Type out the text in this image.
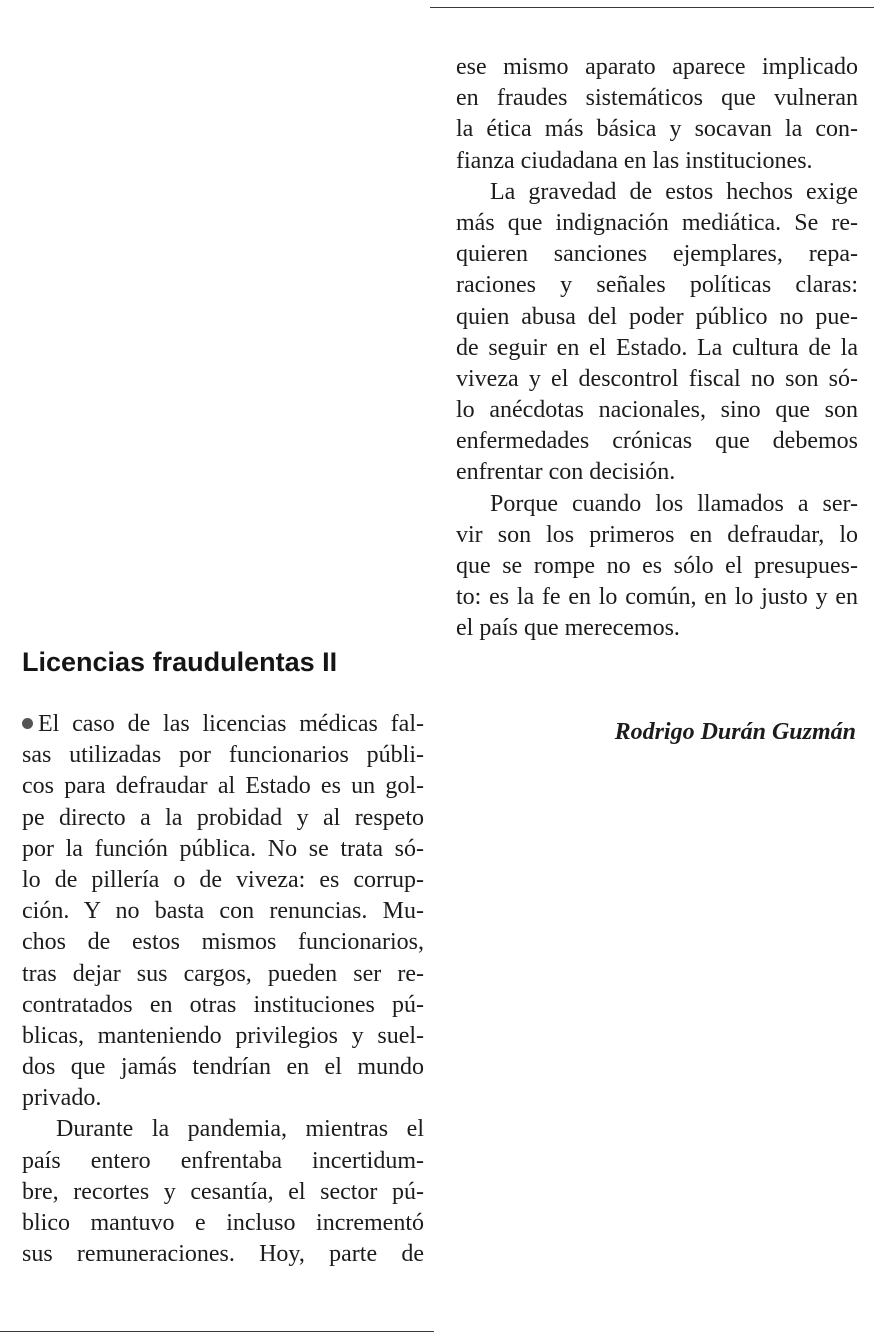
Licencias fraudulentas II
El caso de las licencias médicas fal-
sas utilizadas por funcionarios públi-
cos para defraudar al Estado es un gol-
pe directo a la probidad y al respeto
por la función pública. No se trata só-
lo de pillería o de viveza: es corrup-
ción. Y no basta con renuncias. Mu-
chos de estos mismos funcionarios,
tras dejar sus cargos, pueden ser re-
contratados en otras instituciones pú-
blicas, manteniendo privilegios y suel-
dos que jamás tendrían en el mundo
privado.
Durante la pandemia, mientras el
país entero enfrentaba incertidum-
bre, recortes y cesantía, el sector pú-
blico mantuvo e incluso incrementó
sus remuneraciones. Hoy, parte de
ese mismo aparato aparece implicado
en fraudes sistemáticos que vulneran
la ética más básica y socavan la con-
fianza ciudadana en las instituciones.
La gravedad de estos hechos exige
más que indignación mediática. Se re-
quieren sanciones ejemplares, repa-
raciones y señales políticas claras:
quien abusa del poder público no pue-
de seguir en el Estado. La cultura de la
viveza y el descontrol fiscal no son só-
lo anécdotas nacionales, sino que son
enfermedades crónicas que debemos
enfrentar con decisión.
Porque cuando los llamados a ser-
vir son los primeros en defraudar, lo
que se rompe no es sólo el presupues-
to: es la fe en lo común, en lo justo y en
el país que merecemos.
Rodrigo Durán Guzmán
